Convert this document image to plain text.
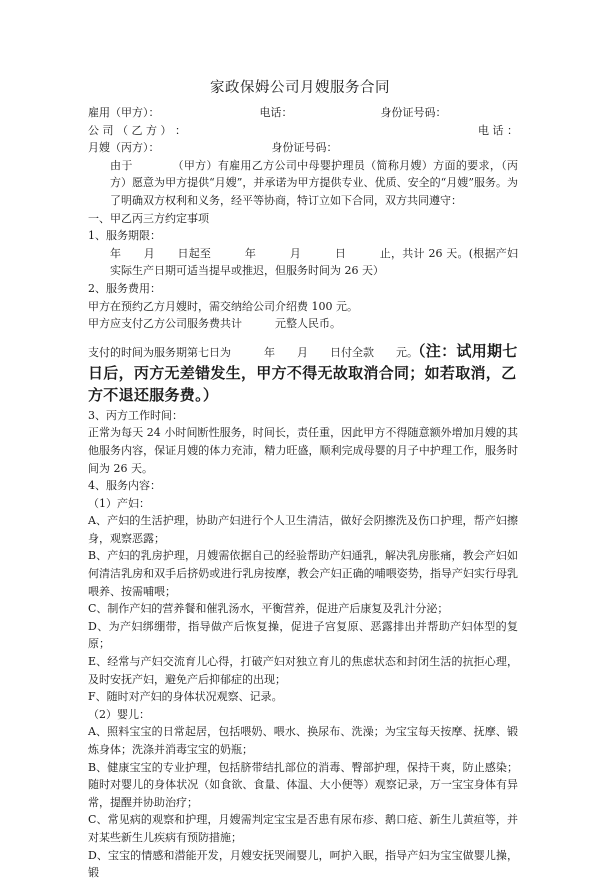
家政保姆公司月嫂服务合同
雇用（甲方）：	电话：	身份证号码：
公 司 （ 乙 方 ） ：	电 话 ：
月嫂（丙方）：	身份证号码：
由于　　　　（甲方）有雇用乙方公司中母婴护理员（简称月嫂）方面的要求，（丙方）愿意为甲方提供“月嫂”，并承诺为甲方提供专业、优质、安全的“月嫂”服务。为了明确双方权利和义务，经平等协商，特订立如下合同，双方共同遵守：
一、甲乙丙三方约定事项
1、服务期限：
年　　月　　日起至　　　年　　　月　　　日　　　止，共计 26 天。(根据产妇实际生产日期可适当提早或推迟，但服务时间为 26 天）
2、服务费用：
甲方在预约乙方月嫂时，需交纳给公司介绍费 100 元。
甲方应支付乙方公司服务费共计　　　元整人民币。
支付的时间为服务期第七日为　　　年　　月　　日付全款　　元。（注：试用期七日后，丙方无差错发生，甲方不得无故取消合同；如若取消，乙方不退还服务费。）
3、丙方工作时间：
正常为每天 24 小时间断性服务，时间长，责任重，因此甲方不得随意额外增加月嫂的其他服务内容，保证月嫂的体力充沛，精力旺盛，顺利完成母婴的月子中护理工作，服务时间为 26 天。
4、服务内容：
（1）产妇：
A、产妇的生活护理，协助产妇进行个人卫生清洁，做好会阴擦洗及伤口护理，帮产妇擦身，观察恶露；
B、产妇的乳房护理，月嫂需依据自己的经验帮助产妇通乳，解决乳房胀痛，教会产妇如何清洁乳房和双手后挤奶或进行乳房按摩，教会产妇正确的哺喂姿势，指导产妇实行母乳喂养、按需哺喂；
C、制作产妇的营养餐和催乳汤水，平衡营养，促进产后康复及乳汁分泌；
D、为产妇绑绷带，指导做产后恢复操，促进子宫复原、恶露排出并帮助产妇体型的复原；
E、经常与产妇交流育儿心得，打破产妇对独立育儿的焦虑状态和封闭生活的抗拒心理，及时安抚产妇，避免产后抑郁症的出现；
F、随时对产妇的身体状况观察、记录。
（2）婴儿：
A、照料宝宝的日常起居，包括喂奶、喂水、换尿布、洗澡；为宝宝每天按摩、抚摩、锻炼身体；洗涤并消毒宝宝的奶瓶；
B、健康宝宝的专业护理，包括脐带结扎部位的消毒、臀部护理，保持干爽，防止感染；随时对婴儿的身体状况（如食欲、食量、体温、大小便等）观察记录，万一宝宝身体有异常，提醒并协助治疗；
C、常见病的观察和护理，月嫂需判定宝宝是否患有尿布疹、鹅口疮、新生儿黄疸等，并对某些新生儿疾病有预防措施；
D、宝宝的情感和潜能开发，月嫂安抚哭闹婴儿，呵护入眠，指导产妇为宝宝做婴儿操，锻
